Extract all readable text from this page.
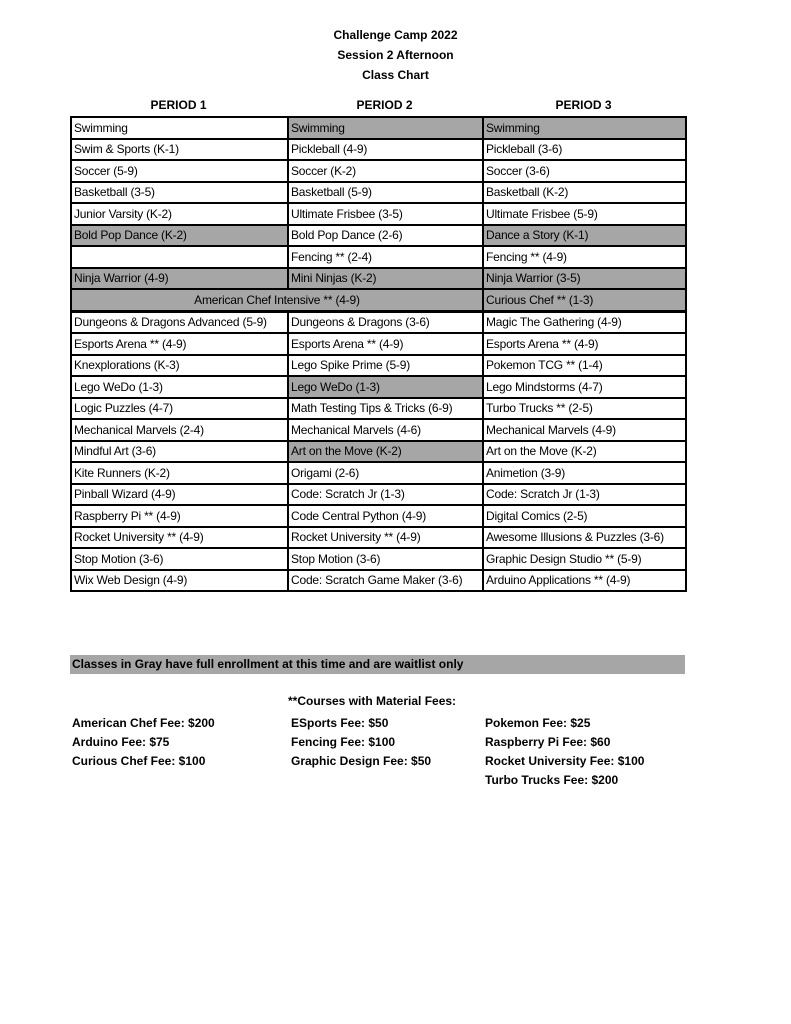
Challenge Camp 2022
Session 2 Afternoon
Class Chart
PERIOD 1	PERIOD 2	PERIOD 3
Swimming	Swimming	Swimming
Swim & Sports (K-1)	Pickleball (4-9)	Pickleball (3-6)
Soccer (5-9)	Soccer (K-2)	Soccer (3-6)
Basketball (3-5)	Basketball (5-9)	Basketball (K-2)
Junior Varsity (K-2)	Ultimate Frisbee (3-5)	Ultimate Frisbee (5-9)
Bold Pop Dance (K-2)	Bold Pop Dance (2-6)	Dance a Story (K-1)
	Fencing ** (2-4)	Fencing ** (4-9)
Ninja Warrior (4-9)	Mini Ninjas (K-2)	Ninja Warrior (3-5)
American Chef Intensive ** (4-9)		Curious Chef ** (1-3)
Dungeons & Dragons Advanced (5-9)	Dungeons & Dragons (3-6)	Magic The Gathering (4-9)
Esports Arena ** (4-9)	Esports Arena ** (4-9)	Esports Arena ** (4-9)
Knexplorations (K-3)	Lego Spike Prime (5-9)	Pokemon TCG ** (1-4)
Lego WeDo (1-3)	Lego WeDo (1-3)	Lego Mindstorms (4-7)
Logic Puzzles (4-7)	Math Testing Tips & Tricks (6-9)	Turbo Trucks ** (2-5)
Mechanical Marvels (2-4)	Mechanical Marvels (4-6)	Mechanical Marvels (4-9)
Mindful Art (3-6)	Art on the Move (K-2)	Art on the Move (K-2)
Kite Runners (K-2)	Origami (2-6)	Animetion (3-9)
Pinball Wizard (4-9)	Code: Scratch Jr (1-3)	Code: Scratch Jr (1-3)
Raspberry Pi ** (4-9)	Code Central Python (4-9)	Digital Comics (2-5)
Rocket University ** (4-9)	Rocket University ** (4-9)	Awesome Illusions & Puzzles (3-6)
Stop Motion (3-6)	Stop Motion (3-6)	Graphic Design Studio ** (5-9)
Wix Web Design (4-9)	Code: Scratch Game Maker (3-6)	Arduino Applications ** (4-9)
Classes in Gray have full enrollment at this time and are waitlist only
**Courses with Material Fees:
American Chef Fee: $200
Arduino Fee: $75
Curious Chef Fee: $100
ESports Fee: $50
Fencing Fee: $100
Graphic Design Fee: $50
Pokemon Fee: $25
Raspberry Pi Fee: $60
Rocket University Fee: $100
Turbo Trucks Fee: $200
